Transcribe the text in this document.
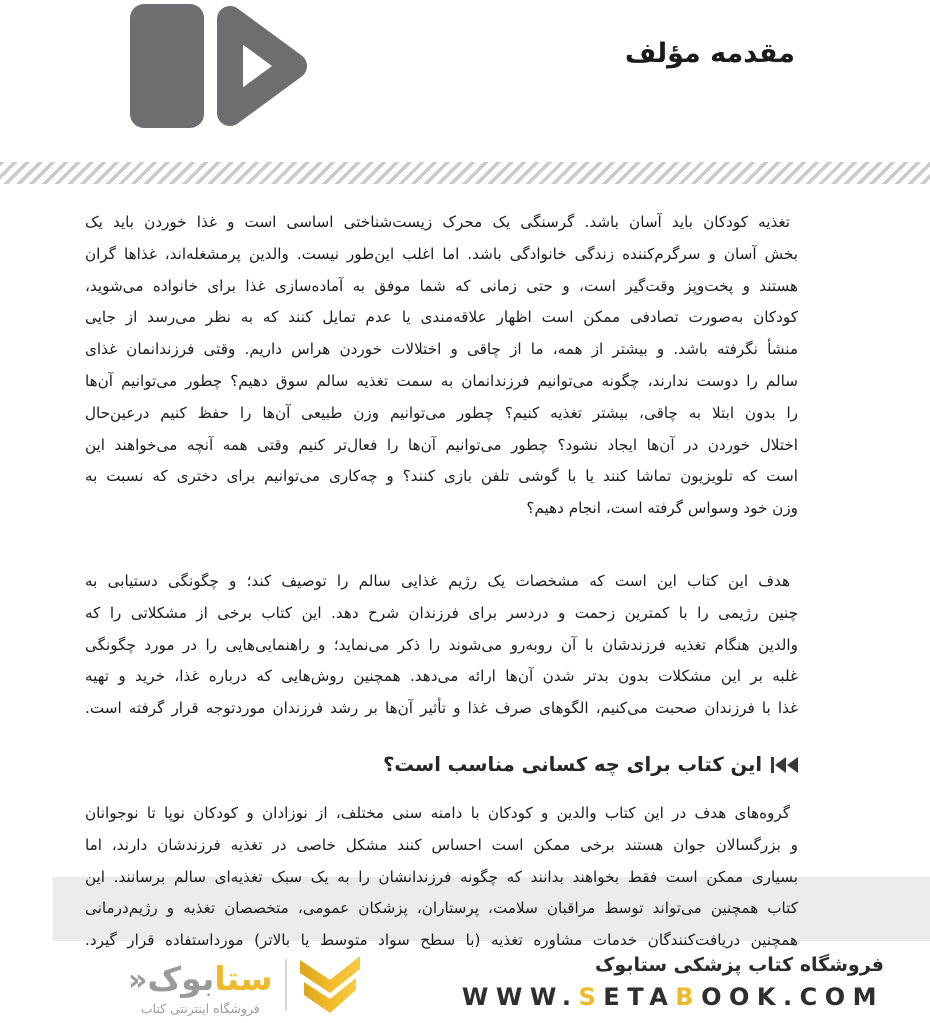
مقدمه مؤلف
تغذیه کودکان باید آسان باشد. گرسنگی یک محرک زیست‌شناختی اساسی است و غذا خوردن باید یک
بخش آسان و سرگرم‌کننده زندگی خانوادگی باشد. اما اغلب این‌طور نیست. والدین پرمشغله‌اند، غذاها گران
هستند و پخت‌وپز وقت‌گیر است، و حتی زمانی که شما موفق به آماده‌سازی غذا برای خانواده می‌شوید،
کودکان به‌صورت تصادفی ممکن است اظهار علاقه‌مندی یا عدم تمایل کنند که به نظر می‌رسد از جایی
منشأ نگرفته باشد. و بیشتر از همه، ما از چاقی و اختلالات خوردن هراس داریم. وقتی فرزندانمان غذای
سالم را دوست ندارند، چگونه می‌توانیم فرزندانمان به سمت تغذیه سالم سوق دهیم؟ چطور می‌توانیم آن‌ها
را بدون ابتلا به چاقی، بیشتر تغذیه کنیم؟ چطور می‌توانیم وزن طبیعی آن‌ها را حفظ کنیم درعین‌حال
اختلال خوردن در آن‌ها ایجاد نشود؟ چطور می‌توانیم آن‌ها را فعال‌تر کنیم وقتی همه آنچه می‌خواهند این
است که تلویزیون تماشا کنند یا با گوشی تلفن بازی کنند؟ و چه‌کاری می‌توانیم برای دختری که نسبت به
وزن خود وسواس گرفته است، انجام دهیم؟
هدف این کتاب این است که مشخصات یک رژیم غذایی سالم را توصیف کند؛ و چگونگی دستیابی به
چنین رژیمی را با کمترین زحمت و دردسر برای فرزندان شرح دهد. این کتاب برخی از مشکلاتی را که
والدین هنگام تغذیه فرزندشان با آن روبه‌رو می‌شوند را ذکر می‌نماید؛ و راهنمایی‌هایی را در مورد چگونگی
غلبه بر این مشکلات بدون بدتر شدن آن‌ها ارائه می‌دهد. همچنین روش‌هایی که درباره غذا، خرید و تهیه
غذا با فرزندان صحبت می‌کنیم، الگوهای صرف غذا و تأثیر آن‌ها بر رشد فرزندان موردتوجه قرار گرفته است.
این کتاب برای چه کسانی مناسب است؟
گروه‌های هدف در این کتاب والدین و کودکان با دامنه سنی مختلف، از نوزادان و کودکان نوپا تا نوجوانان
و بزرگسالان جوان هستند برخی ممکن است احساس کنند مشکل خاصی در تغذیه فرزندشان دارند، اما
بسیاری ممکن است فقط بخواهند بدانند که چگونه فرزندانشان را به یک سبک تغذیه‌ای سالم برسانند. این
کتاب همچنین می‌تواند توسط مراقبان سلامت، پرستاران، پزشکان عمومی، متخصصان تغذیه و رژیم‌درمانی
همچنین دریافت‌کنندگان خدمات مشاوره تغذیه (با سطح سواد متوسط یا بالاتر) مورداستفاده قرار گیرد.
ستابوک«
فروشگاه اینترنتی کتاب
فروشگاه کتاب پزشکی ستابوک
WWW.SETABOOK.COM
